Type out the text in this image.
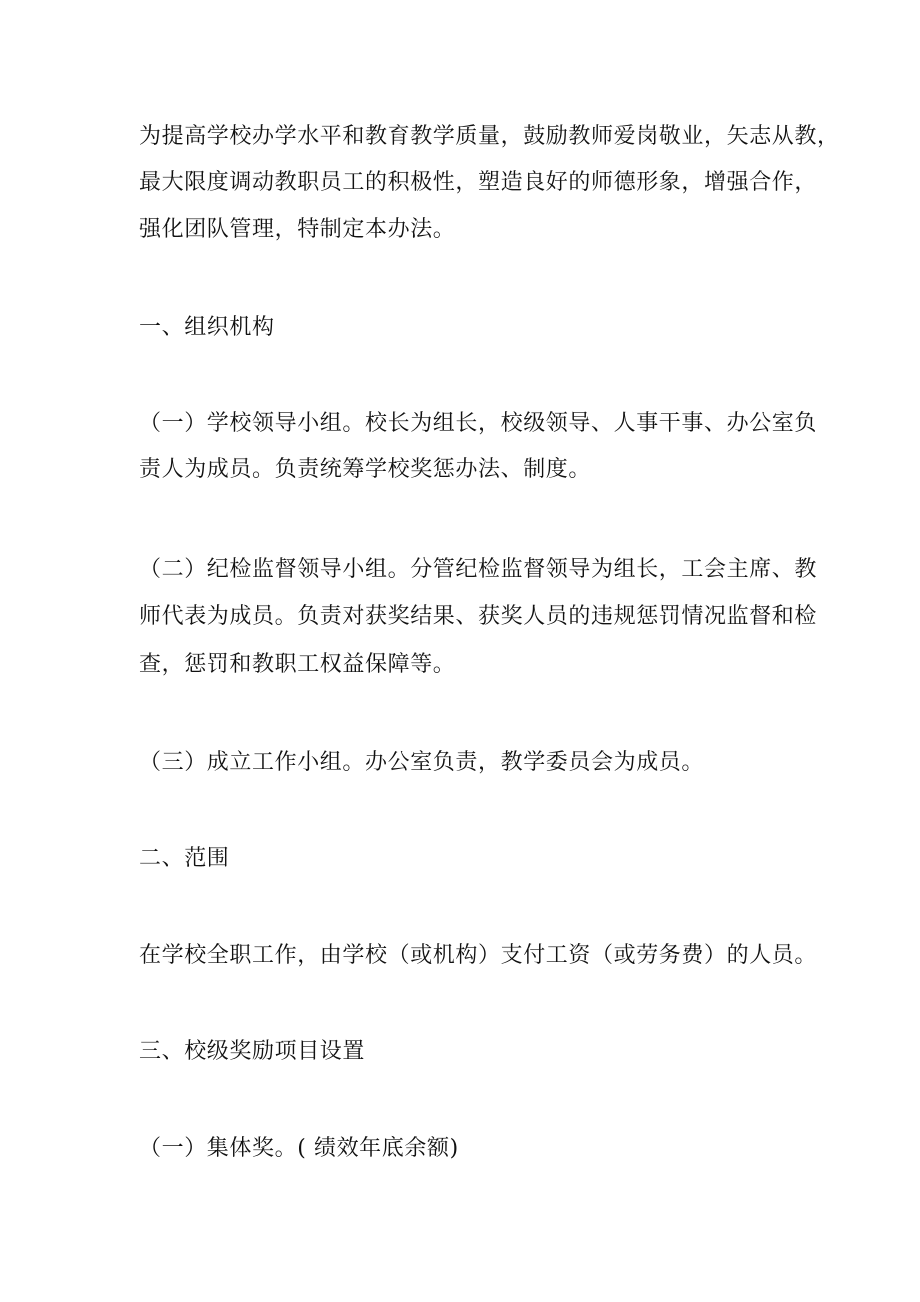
为提高学校办学水平和教育教学质量，鼓励教师爱岗敬业，矢志从教，
最大限度调动教职员工的积极性，塑造良好的师德形象，增强合作，
强化团队管理，特制定本办法。
一、组织机构
（一）学校领导小组。校长为组长，校级领导、人事干事、办公室负
责人为成员。负责统筹学校奖惩办法、制度。
（二）纪检监督领导小组。分管纪检监督领导为组长，工会主席、教
师代表为成员。负责对获奖结果、获奖人员的违规惩罚情况监督和检
查，惩罚和教职工权益保障等。
（三）成立工作小组。办公室负责，教学委员会为成员。
二、范围
在学校全职工作，由学校（或机构）支付工资（或劳务费）的人员。
三、校级奖励项目设置
（一）集体奖。( 绩效年底余额)
